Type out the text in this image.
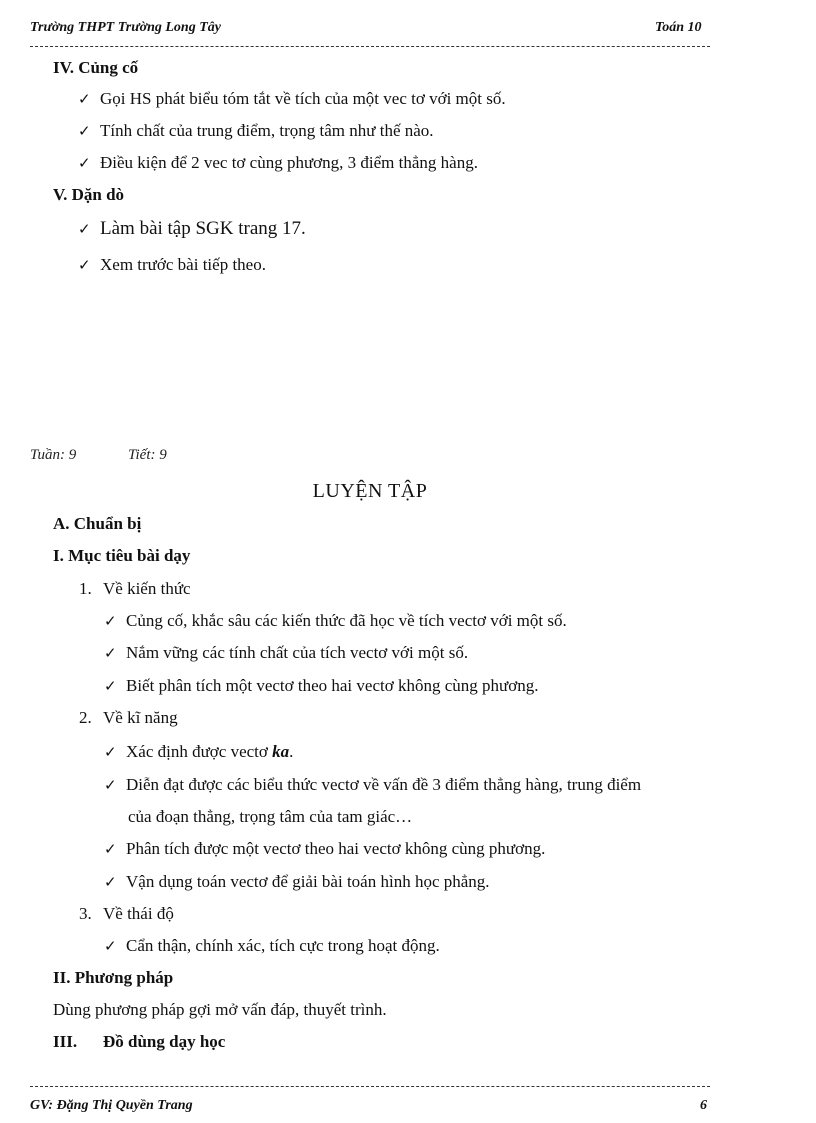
Trường THPT Trường Long Tây	Toán 10
IV. Củng cố
✓ Gọi HS phát biểu tóm tắt về tích của một vec tơ với một số.
✓ Tính chất của trung điểm, trọng tâm như thế nào.
✓ Điều kiện để 2 vec tơ cùng phương, 3 điểm thẳng hàng.
V. Dặn dò
✓ Làm bài tập SGK trang 17.
✓ Xem trước bài tiếp theo.
Tuần: 9	Tiết: 9
LUYỆN TẬP
A. Chuẩn bị
I. Mục tiêu bài dạy
1. Về kiến thức
✓ Củng cố, khắc sâu các kiến thức đã học về tích vectơ với một số.
✓ Nắm vững các tính chất của tích vectơ với một số.
✓ Biết phân tích một vectơ theo hai vectơ không cùng phương.
2. Về kĩ năng
✓ Xác định được vectơ ka.
✓ Diễn đạt được các biểu thức vectơ về vấn đề 3 điểm thẳng hàng, trung điểm
của đoạn thẳng, trọng tâm của tam giác…
✓ Phân tích được một vectơ theo hai vectơ không cùng phương.
✓ Vận dụng toán vectơ để giải bài toán hình học phẳng.
3. Về thái độ
✓ Cẩn thận, chính xác, tích cực trong hoạt động.
II. Phương pháp
Dùng phương pháp gợi mở vấn đáp, thuyết trình.
III. Đồ dùng dạy học
GV: Đặng Thị Quyền Trang	6
